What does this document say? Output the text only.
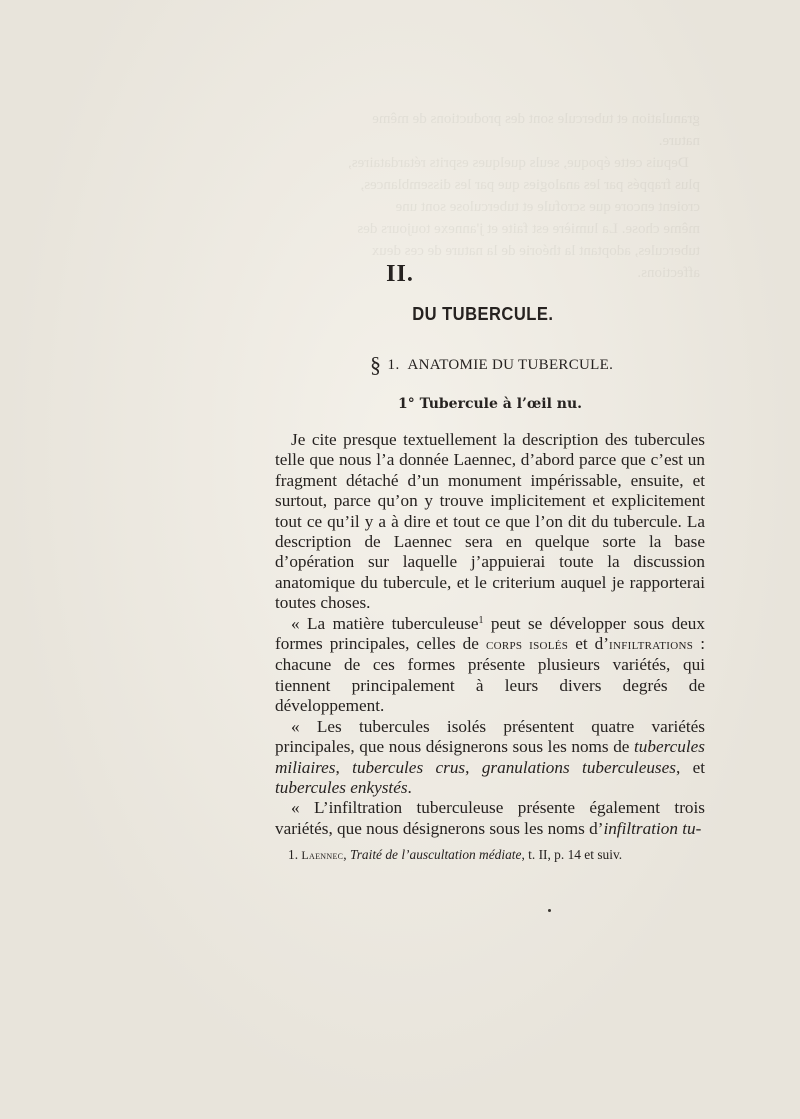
granulation et tubercule sont des productions de même
nature.
Depuis cette époque, seuls quelques esprits rétardataires,
plus frappés par les analogies que par les dissemblances,
croient encore que scrofule et tuberculose sont une
même chose. La lumière est faite et j'annexe toujours des
tubercules, adoptant la théorie de la nature de ces deux
affections.
II.
DU TUBERCULE.
§ 1. ANATOMIE DU TUBERCULE.
1° Tubercule à l’œil nu.

Je cite presque textuellement la description des tubercules telle que nous l’a donnée Laennec, d’abord parce que c’est un fragment détaché d’un monument impérissable, ensuite, et surtout, parce qu’on y trouve implicitement et explicitement tout ce qu’il y a à dire et tout ce que l’on dit du tubercule. La description de Laennec sera en quelque sorte la base d’opération sur laquelle j’appuierai toute la discussion anatomique du tubercule, et le criterium auquel je rapporterai toutes choses.

« La matière tuberculeuse$^1$ peut se développer sous deux formes principales, celles de corps isolés et d’infiltrations : chacune de ces formes présente plusieurs variétés, qui tiennent principalement à leurs divers degrés de développement.

« Les tubercules isolés présentent quatre variétés principales, que nous désignerons sous les noms de tubercules miliaires, tubercules crus, granulations tuberculeuses, et tubercules enkystés.

« L’infiltration tuberculeuse présente également trois variétés, que nous désignerons sous les noms d’infiltration tu-

1. Laennec, Traité de l’auscultation médiate, t. II, p. 14 et suiv.
